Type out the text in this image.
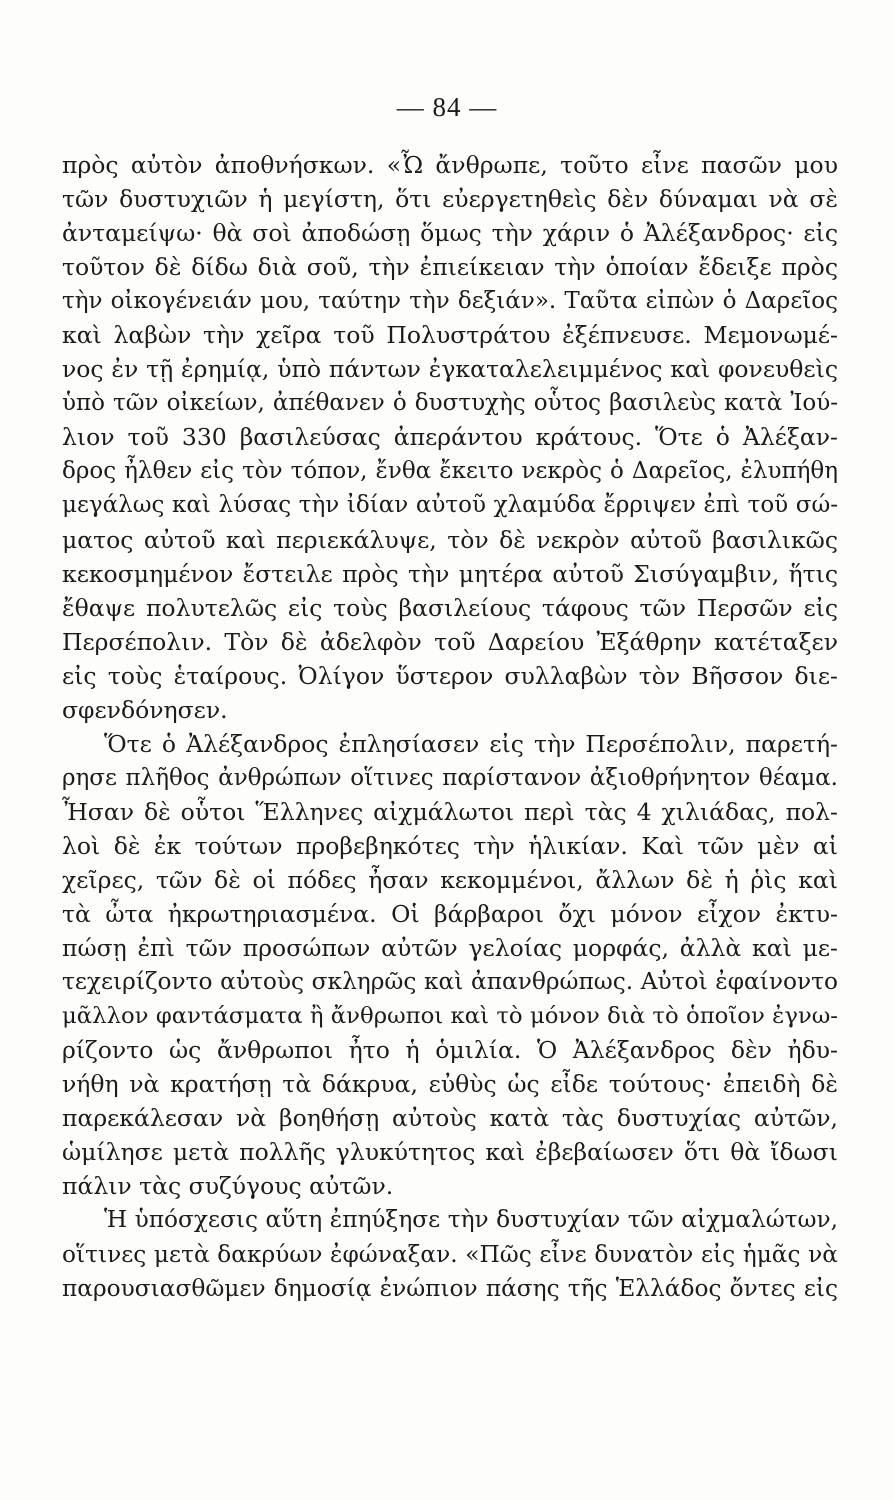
— 84 —
πρὸς αὐτὸν ἀποθνήσκων. «Ὦ ἄνθρωπε, τοῦτο εἶνε πασῶν μου
τῶν δυστυχιῶν ἡ μεγίστη, ὅτι εὐεργετηθεὶς δὲν δύναμαι νὰ σὲ
ἀνταμείψω· θὰ σοὶ ἀποδώσῃ ὅμως τὴν χάριν ὁ Ἀλέξανδρος· εἰς
τοῦτον δὲ δίδω διὰ σοῦ, τὴν ἐπιείκειαν τὴν ὁποίαν ἔδειξε πρὸς
τὴν οἰκογένειάν μου, ταύτην τὴν δεξιάν». Ταῦτα εἰπὼν ὁ Δαρεῖος
καὶ λαβὼν τὴν χεῖρα τοῦ Πολυστράτου ἐξέπνευσε. Μεμονωμέ-
νος ἐν τῇ ἐρημίᾳ, ὑπὸ πάντων ἐγκαταλελειμμένος καὶ φονευθεὶς
ὑπὸ τῶν οἰκείων, ἀπέθανεν ὁ δυστυχὴς οὗτος βασιλεὺς κατὰ Ἰού-
λιον τοῦ 330 βασιλεύσας ἀπεράντου κράτους. Ὅτε ὁ Ἀλέξαν-
δρος ἦλθεν εἰς τὸν τόπον, ἔνθα ἔκειτο νεκρὸς ὁ Δαρεῖος, ἐλυπήθη
μεγάλως καὶ λύσας τὴν ἰδίαν αὐτοῦ χλαμύδα ἔρριψεν ἐπὶ τοῦ σώ-
ματος αὐτοῦ καὶ περιεκάλυψε, τὸν δὲ νεκρὸν αὐτοῦ βασιλικῶς
κεκοσμημένον ἔστειλε πρὸς τὴν μητέρα αὐτοῦ Σισύγαμβιν, ἥτις
ἔθαψε πολυτελῶς εἰς τοὺς βασιλείους τάφους τῶν Περσῶν εἰς
Περσέπολιν. Τὸν δὲ ἀδελφὸν τοῦ Δαρείου Ἐξάθρην κατέταξεν
εἰς τοὺς ἑταίρους. Ὀλίγον ὕστερον συλλαβὼν τὸν Βῆσσον διε-
σφενδόνησεν.
Ὅτε ὁ Ἀλέξανδρος ἐπλησίασεν εἰς τὴν Περσέπολιν, παρετή-
ρησε πλῆθος ἀνθρώπων οἵτινες παρίστανον ἀξιοθρήνητον θέαμα.
Ἦσαν δὲ οὗτοι Ἕλληνες αἰχμάλωτοι περὶ τὰς 4 χιλιάδας, πολ-
λοὶ δὲ ἐκ τούτων προβεβηκότες τὴν ἡλικίαν. Καὶ τῶν μὲν αἱ
χεῖρες, τῶν δὲ οἱ πόδες ἦσαν κεκομμένοι, ἄλλων δὲ ἡ ῥὶς καὶ
τὰ ὦτα ἠκρωτηριασμένα. Οἱ βάρβαροι ὄχι μόνον εἶχον ἐκτυ-
πώσῃ ἐπὶ τῶν προσώπων αὐτῶν γελοίας μορφάς, ἀλλὰ καὶ με-
τεχειρίζοντο αὐτοὺς σκληρῶς καὶ ἀπανθρώπως. Αὐτοὶ ἐφαίνοντο
μᾶλλον φαντάσματα ἢ ἄνθρωποι καὶ τὸ μόνον διὰ τὸ ὁποῖον ἐγνω-
ρίζοντο ὡς ἄνθρωποι ἦτο ἡ ὁμιλία. Ὁ Ἀλέξανδρος δὲν ἠδυ-
νήθη νὰ κρατήσῃ τὰ δάκρυα, εὐθὺς ὡς εἶδε τούτους· ἐπειδὴ δὲ
παρεκάλεσαν νὰ βοηθήσῃ αὐτοὺς κατὰ τὰς δυστυχίας αὐτῶν,
ὡμίλησε μετὰ πολλῆς γλυκύτητος καὶ ἐβεβαίωσεν ὅτι θὰ ἴδωσι
πάλιν τὰς συζύγους αὐτῶν.
Ἡ ὑπόσχεσις αὕτη ἐπηύξησε τὴν δυστυχίαν τῶν αἰχμαλώτων,
οἵτινες μετὰ δακρύων ἐφώναξαν. «Πῶς εἶνε δυνατὸν εἰς ἡμᾶς νὰ
παρουσιασθῶμεν δημοσίᾳ ἐνώπιον πάσης τῆς Ἑλλάδος ὄντες εἰς
